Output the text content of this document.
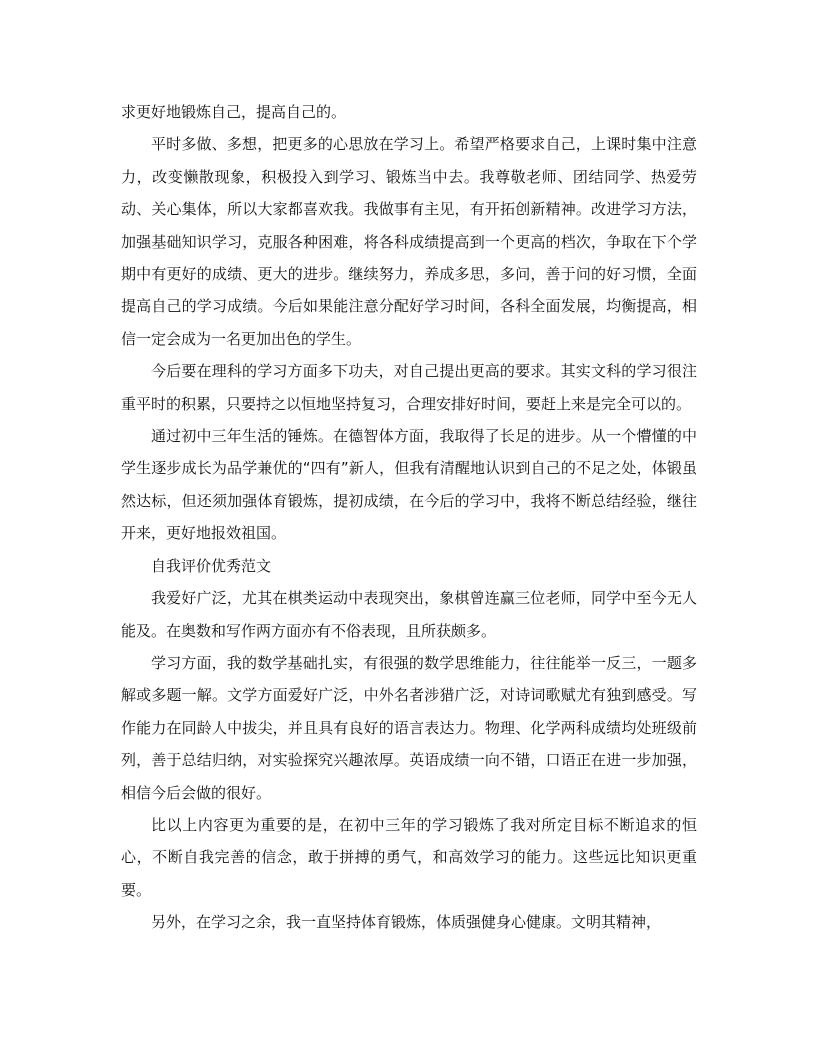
求更好地锻炼自己，提高自己的。

平时多做、多想，把更多的心思放在学习上。希望严格要求自己，上课时集中注意力，改变懒散现象，积极投入到学习、锻炼当中去。我尊敬老师、团结同学、热爱劳动、关心集体，所以大家都喜欢我。我做事有主见，有开拓创新精神。改进学习方法，加强基础知识学习，克服各种困难，将各科成绩提高到一个更高的档次，争取在下个学期中有更好的成绩、更大的进步。继续努力，养成多思，多问，善于问的好习惯，全面提高自己的学习成绩。今后如果能注意分配好学习时间，各科全面发展，均衡提高，相信一定会成为一名更加出色的学生。

今后要在理科的学习方面多下功夫，对自己提出更高的要求。其实文科的学习很注重平时的积累，只要持之以恒地坚持复习，合理安排好时间，要赶上来是完全可以的。

通过初中三年生活的锤炼。在德智体方面，我取得了长足的进步。从一个懵懂的中学生逐步成长为品学兼优的“四有”新人，但我有清醒地认识到自己的不足之处，体锻虽然达标，但还须加强体育锻炼，提初成绩，在今后的学习中，我将不断总结经验，继往开来，更好地报效祖国。

自我评价优秀范文

我爱好广泛，尤其在棋类运动中表现突出，象棋曾连赢三位老师，同学中至今无人能及。在奥数和写作两方面亦有不俗表现，且所获颇多。

学习方面，我的数学基础扎实，有很强的数学思维能力，往往能举一反三，一题多解或多题一解。文学方面爱好广泛，中外名者涉猎广泛，对诗词歌赋尤有独到感受。写作能力在同龄人中拔尖，并且具有良好的语言表达力。物理、化学两科成绩均处班级前列，善于总结归纳，对实验探究兴趣浓厚。英语成绩一向不错，口语正在进一步加强，相信今后会做的很好。

比以上内容更为重要的是，在初中三年的学习锻炼了我对所定目标不断追求的恒心，不断自我完善的信念，敢于拼搏的勇气，和高效学习的能力。这些远比知识更重要。

另外，在学习之余，我一直坚持体育锻炼，体质强健身心健康。文明其精神，
